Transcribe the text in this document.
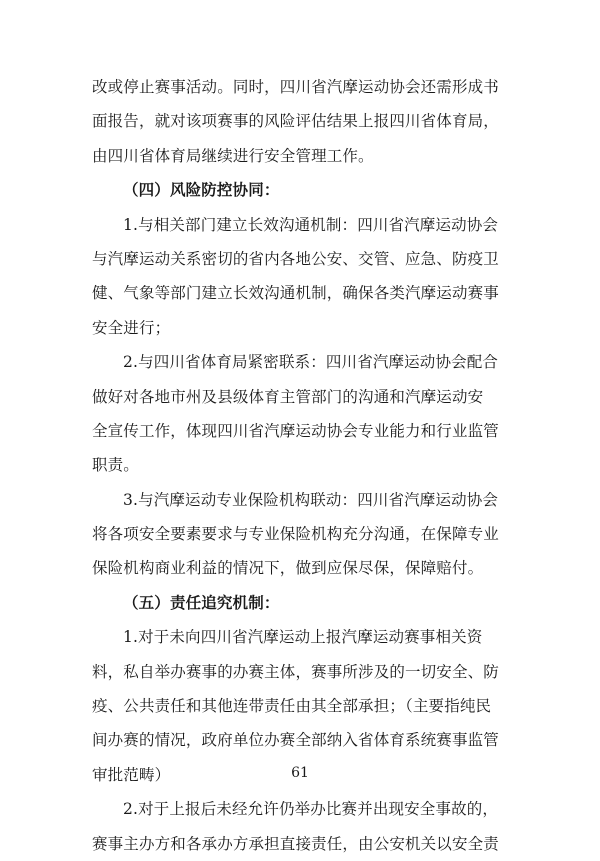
改或停止赛事活动。同时，四川省汽摩运动协会还需形成书
面报告，就对该项赛事的风险评估结果上报四川省体育局，
由四川省体育局继续进行安全管理工作。
（四）风险防控协同：
1.与相关部门建立长效沟通机制：四川省汽摩运动协会
与汽摩运动关系密切的省内各地公安、交管、应急、防疫卫
健、气象等部门建立长效沟通机制，确保各类汽摩运动赛事
安全进行；
2.与四川省体育局紧密联系：四川省汽摩运动协会配合
做好对各地市州及县级体育主管部门的沟通和汽摩运动安
全宣传工作，体现四川省汽摩运动协会专业能力和行业监管
职责。
3.与汽摩运动专业保险机构联动：四川省汽摩运动协会
将各项安全要素要求与专业保险机构充分沟通，在保障专业
保险机构商业利益的情况下，做到应保尽保，保障赔付。
（五）责任追究机制：
1.对于未向四川省汽摩运动上报汽摩运动赛事相关资
料，私自举办赛事的办赛主体，赛事所涉及的一切安全、防
疫、公共责任和其他连带责任由其全部承担；（主要指纯民
间办赛的情况，政府单位办赛全部纳入省体育系统赛事监管
审批范畴）
2.对于上报后未经允许仍举办比赛并出现安全事故的，
赛事主办方和各承办方承担直接责任，由公安机关以安全责
61
